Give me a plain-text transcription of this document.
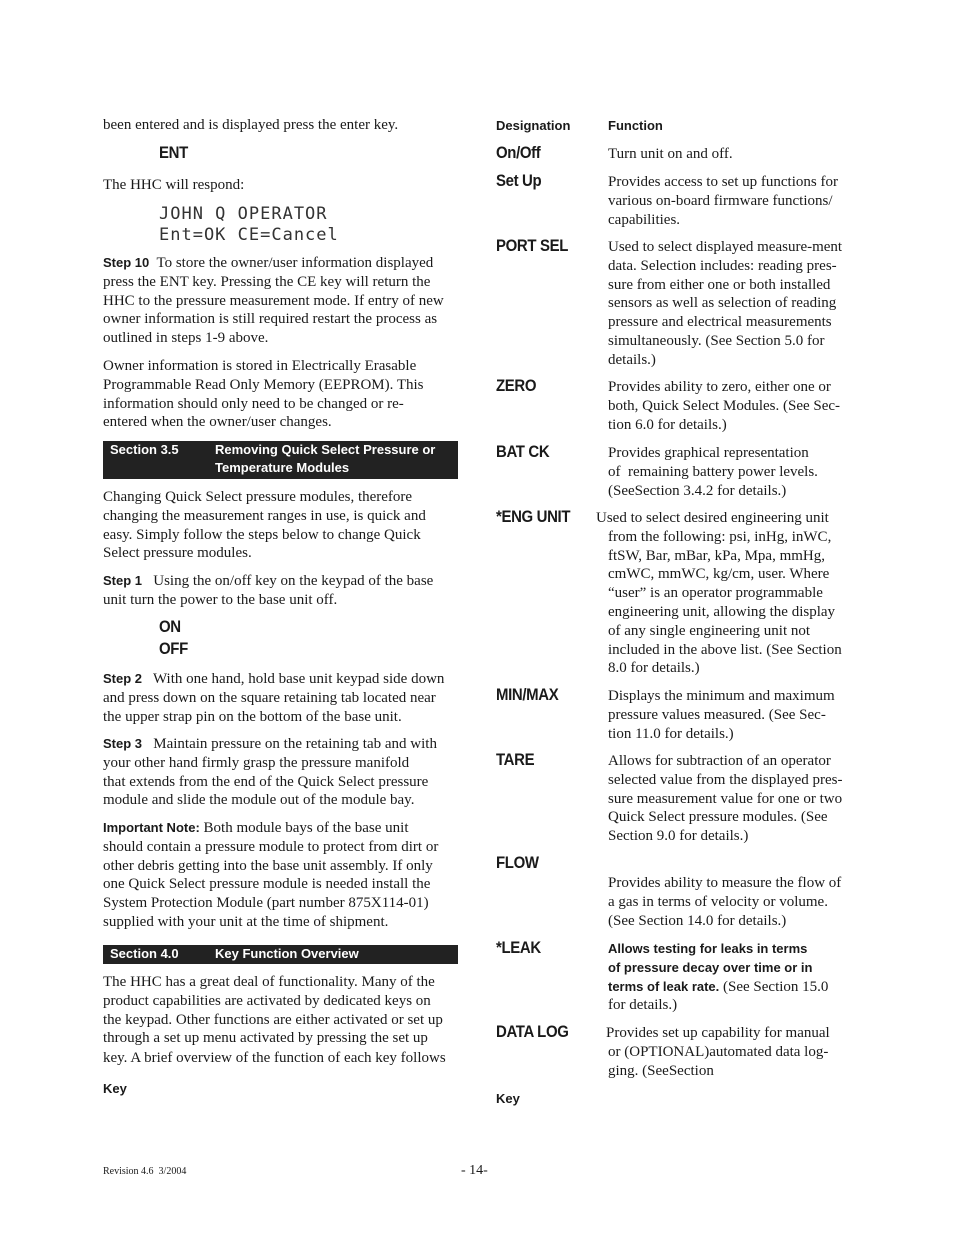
been entered and is displayed press the enter key.
ENT
The HHC will respond:
JOHN Q OPERATOR
Ent=OK CE=Cancel
Step 10 To store the owner/user information displayed
press the ENT key. Pressing the CE key will return the
HHC to the pressure measurement mode. If entry of new
owner information is still required restart the process as
outlined in steps 1-9 above.
Owner information is stored in Electrically Erasable
Programmable Read Only Memory (EEPROM). This
information should only need to be changed or re-
entered when the owner/user changes.
Section 3.5	Removing Quick Select Pressure or
Temperature Modules
Changing Quick Select pressure modules, therefore
changing the measurement ranges in use, is quick and
easy. Simply follow the steps below to change Quick
Select pressure modules.
Step 1 Using the on/off key on the keypad of the base
unit turn the power to the base unit off.
ON
OFF
Step 2 With one hand, hold base unit keypad side down
and press down on the square retaining tab located near
the upper strap pin on the bottom of the base unit.
Step 3 Maintain pressure on the retaining tab and with
your other hand firmly grasp the pressure manifold
that extends from the end of the Quick Select pressure
module and slide the module out of the module bay.
Important Note: Both module bays of the base unit
should contain a pressure module to protect from dirt or
other debris getting into the base unit assembly. If only
one Quick Select pressure module is needed install the
System Protection Module (part number 875X114-01)
supplied with your unit at the time of shipment.
Section 4.0	Key Function Overview
The HHC has a great deal of functionality. Many of the
product capabilities are activated by dedicated keys on
the keypad. Other functions are either activated or set up
through a set up menu activated by pressing the set up
key. A brief overview of the function of each key follows
Key
Designation	Function
On/Off	Turn unit on and off.
Set Up	Provides access to set up functions for
various on-board firmware functions/
capabilities.
PORT SEL	Used to select displayed measure-ment
data. Selection includes: reading pres-
sure from either one or both installed
sensors as well as selection of reading
pressure and electrical measurements
simultaneously. (See Section 5.0 for
details.)
ZERO	Provides ability to zero, either one or
both, Quick Select Modules. (See Sec-
tion 6.0 for details.)
BAT CK	Provides graphical representation
of  remaining battery power levels.
(SeeSection 3.4.2 for details.)
*ENG UNIT Used to select desired engineering unit
from the following: psi, inHg, inWC,
ftSW, Bar, mBar, kPa, Mpa, mmHg,
cmWC, mmWC, kg/cm, user. Where
“user” is an operator programmable
engineering unit, allowing the display
of any single engineering unit not
included in the above list. (See Section
8.0 for details.)
MIN/MAX	Displays the minimum and maximum
pressure values measured. (See Sec-
tion 11.0 for details.)
TARE	Allows for subtraction of an operator
selected value from the displayed pres-
sure measurement value for one or two
Quick Select pressure modules. (See
Section 9.0 for details.)
FLOW
Provides ability to measure the flow of
a gas in terms of velocity or volume.
(See Section 14.0 for details.)
*LEAK	Allows testing for leaks in terms
of pressure decay over time or in
terms of leak rate. (See Section 15.0
for details.)
DATA LOG Provides set up capability for manual
or (OPTIONAL)automated data log-
ging. (SeeSection
Key
Revision 4.6  3/2004	- 14-
